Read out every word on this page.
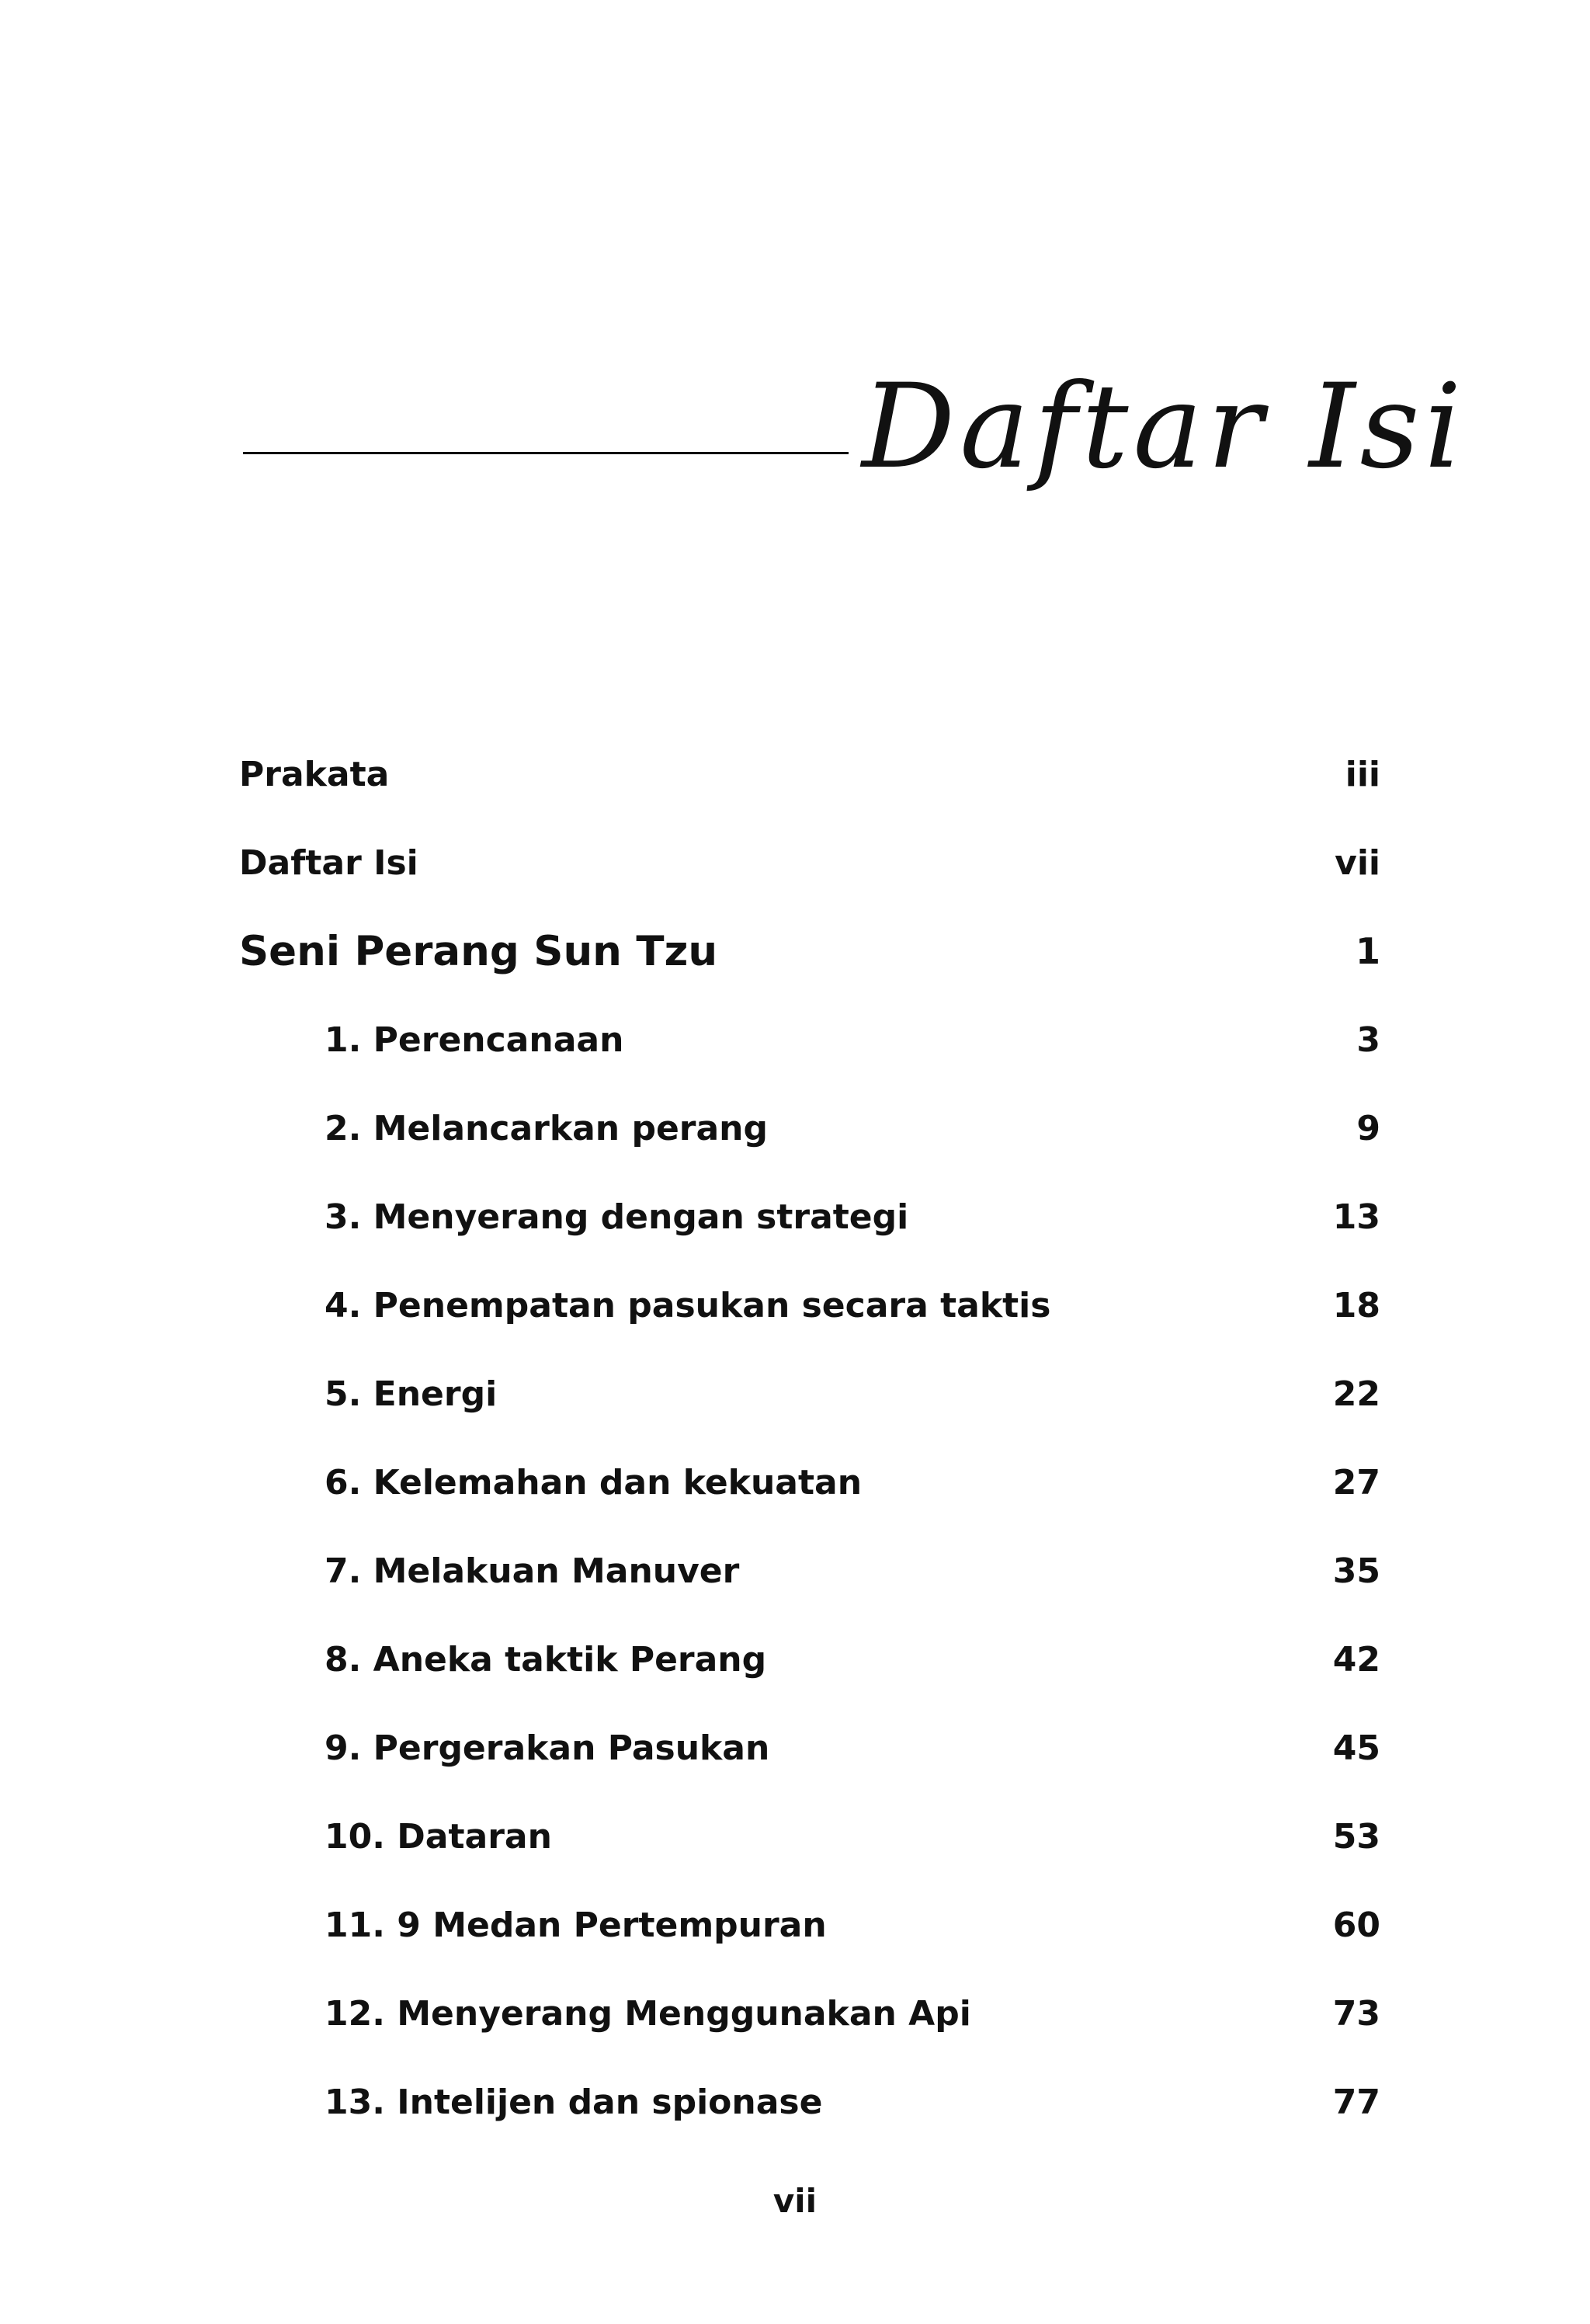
Daftar Isi
Prakata	iii
Daftar Isi	vii
Seni Perang Sun Tzu	1
1. Perencanaan	3
2. Melancarkan perang	9
3. Menyerang dengan strategi	13
4. Penempatan pasukan secara taktis	18
5. Energi	22
6. Kelemahan dan kekuatan	27
7. Melakuan Manuver	35
8. Aneka taktik Perang	42
9. Pergerakan Pasukan	45
10. Dataran	53
11. 9 Medan Pertempuran	60
12. Menyerang Menggunakan Api	73
13. Intelijen dan spionase	77
vii
